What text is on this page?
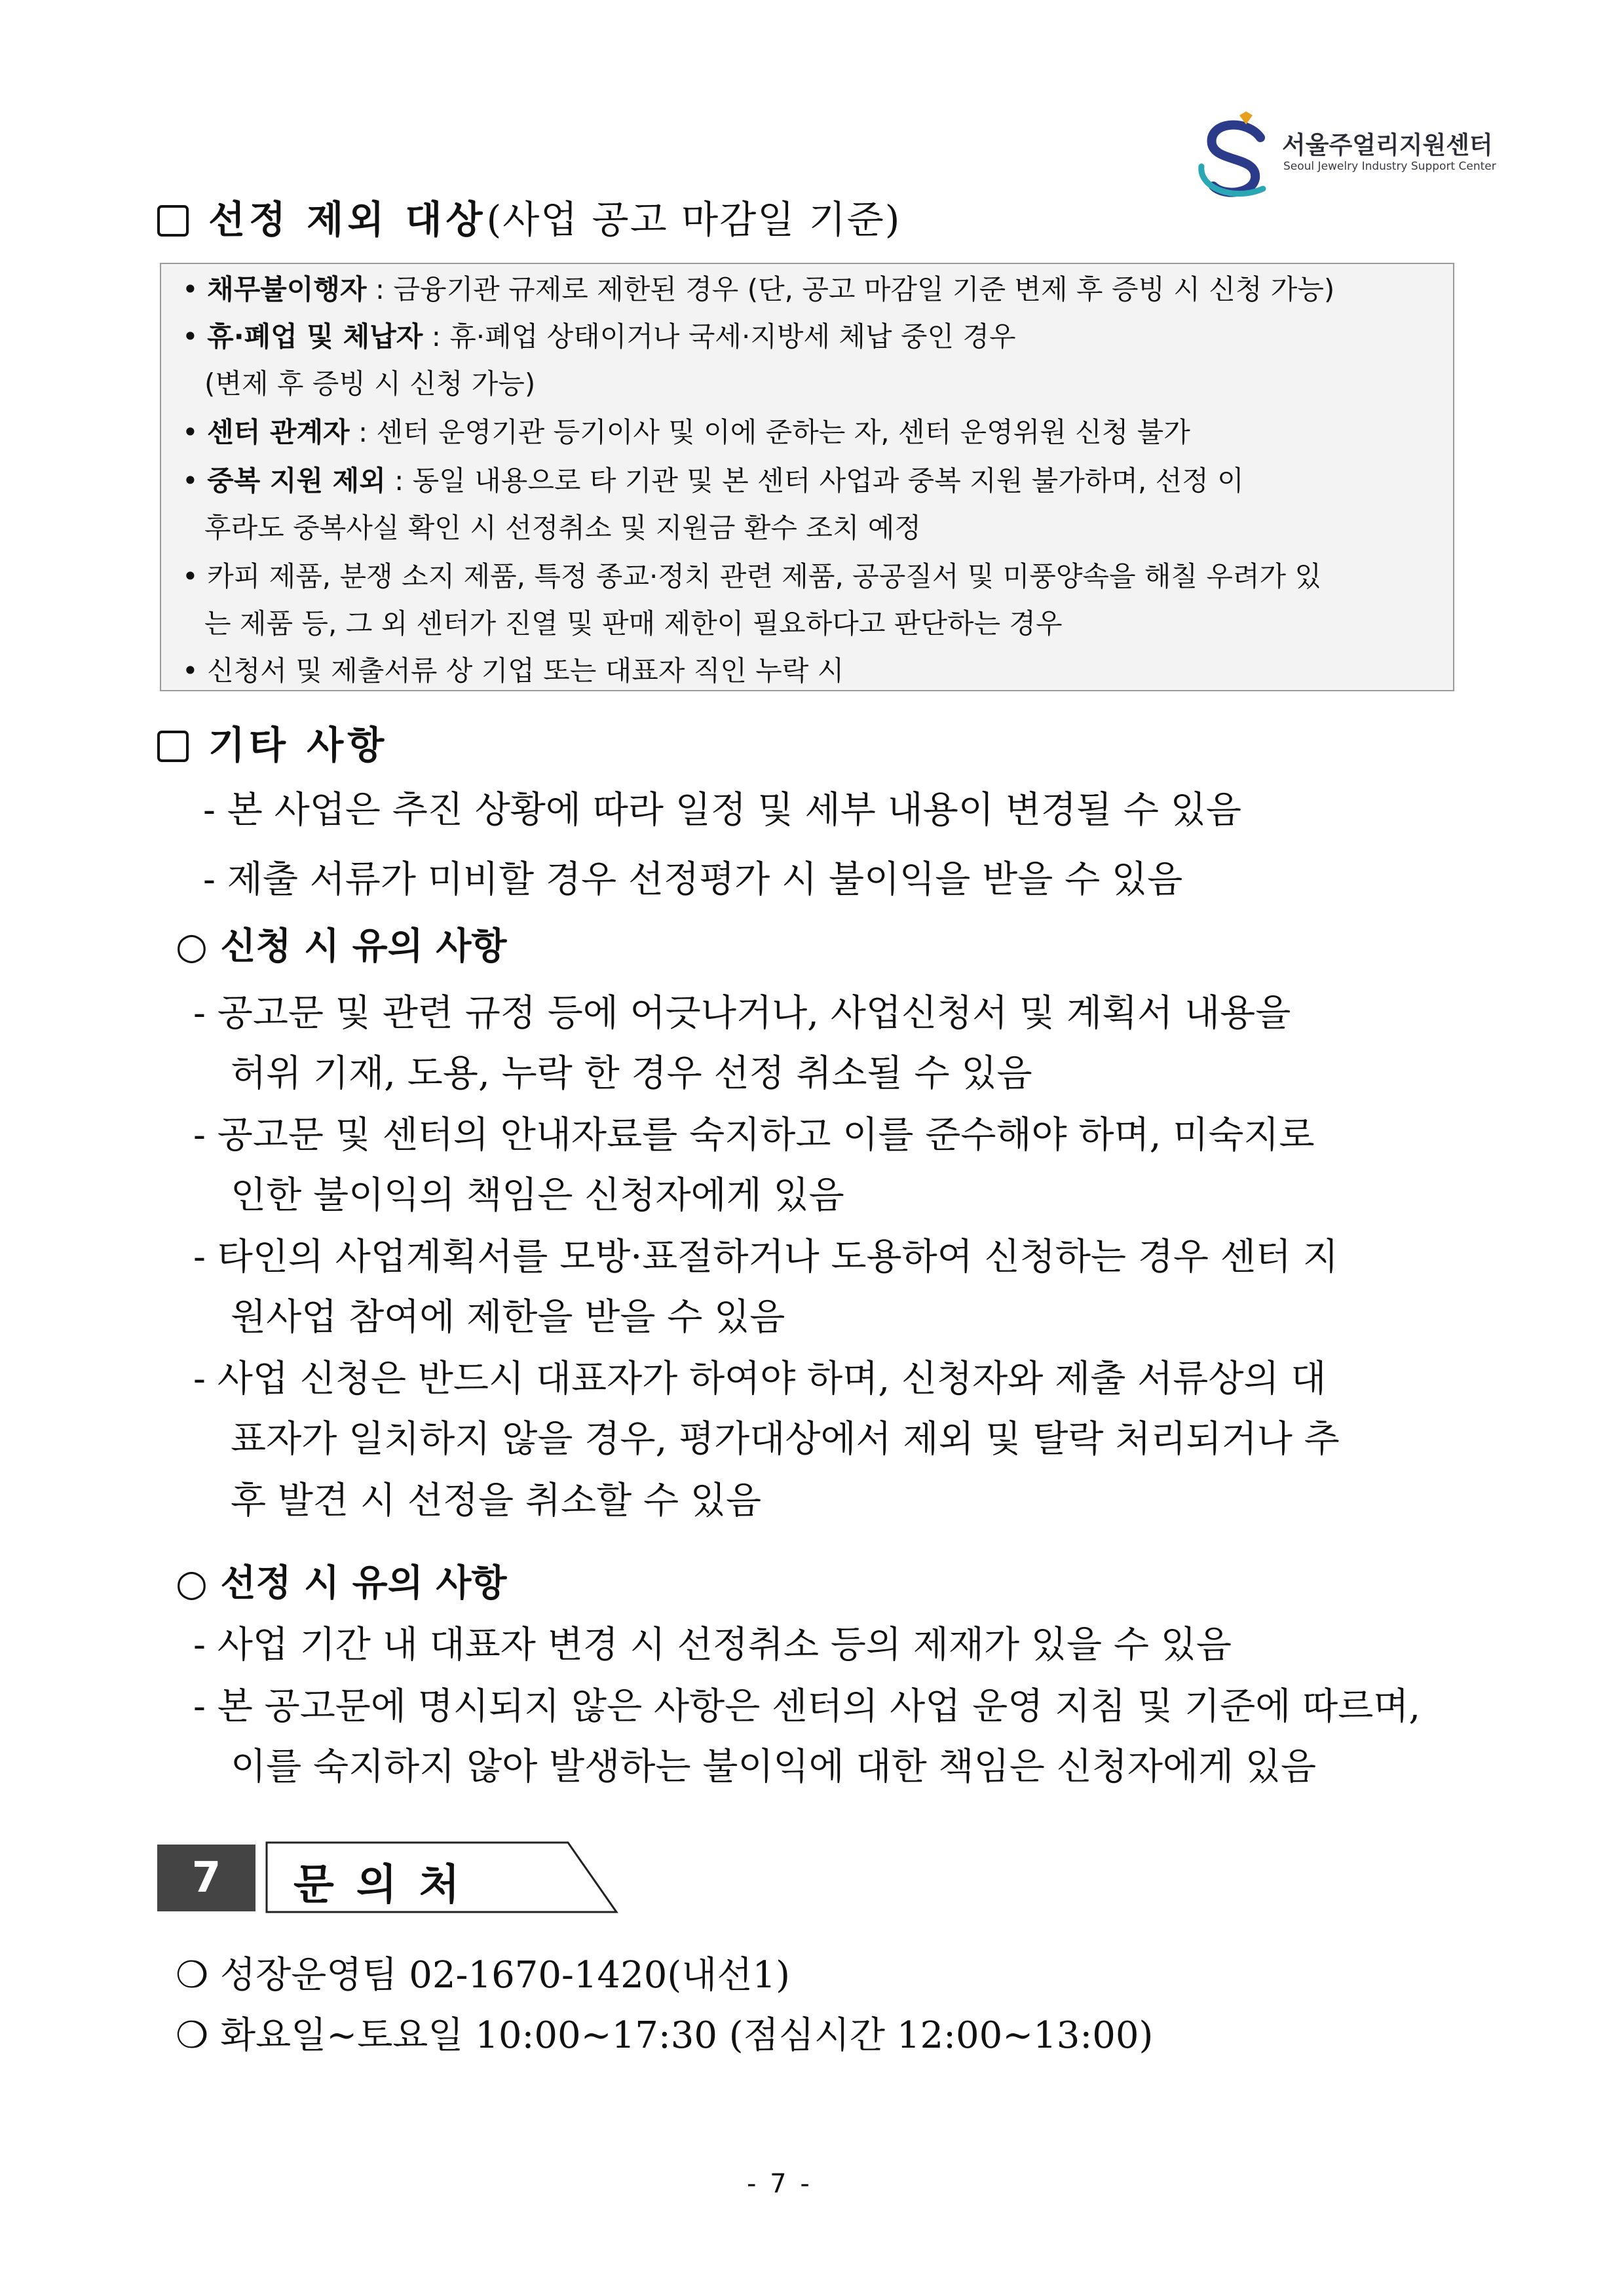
서울주얼리지원센터
Seoul Jewelry Industry Support Center
선정 제외 대상(사업 공고 마감일 기준)
• 채무불이행자 : 금융기관 규제로 제한된 경우 (단, 공고 마감일 기준 변제 후 증빙 시 신청 가능)
• 휴·폐업 및 체납자 : 휴·폐업 상태이거나 국세·지방세 체납 중인 경우
(변제 후 증빙 시 신청 가능)
• 센터 관계자 : 센터 운영기관 등기이사 및 이에 준하는 자, 센터 운영위원 신청 불가
• 중복 지원 제외 : 동일 내용으로 타 기관 및 본 센터 사업과 중복 지원 불가하며, 선정 이
후라도 중복사실 확인 시 선정취소 및 지원금 환수 조치 예정
• 카피 제품, 분쟁 소지 제품, 특정 종교·정치 관련 제품, 공공질서 및 미풍양속을 해칠 우려가 있
는 제품 등, 그 외 센터가 진열 및 판매 제한이 필요하다고 판단하는 경우
• 신청서 및 제출서류 상 기업 또는 대표자 직인 누락 시
기타 사항
- 본 사업은 추진 상황에 따라 일정 및 세부 내용이 변경될 수 있음
- 제출 서류가 미비할 경우 선정평가 시 불이익을 받을 수 있음
○ 신청 시 유의 사항
- 공고문 및 관련 규정 등에 어긋나거나, 사업신청서 및 계획서 내용을
허위 기재, 도용, 누락 한 경우 선정 취소될 수 있음
- 공고문 및 센터의 안내자료를 숙지하고 이를 준수해야 하며, 미숙지로
인한 불이익의 책임은 신청자에게 있음
- 타인의 사업계획서를 모방·표절하거나 도용하여 신청하는 경우 센터 지
원사업 참여에 제한을 받을 수 있음
- 사업 신청은 반드시 대표자가 하여야 하며, 신청자와 제출 서류상의 대
표자가 일치하지 않을 경우, 평가대상에서 제외 및 탈락 처리되거나 추
후 발견 시 선정을 취소할 수 있음
○ 선정 시 유의 사항
- 사업 기간 내 대표자 변경 시 선정취소 등의 제재가 있을 수 있음
- 본 공고문에 명시되지 않은 사항은 센터의 사업 운영 지침 및 기준에 따르며,
이를 숙지하지 않아 발생하는 불이익에 대한 책임은 신청자에게 있음
7	문의처
❍ 성장운영팀 02-1670-1420(내선1)
❍ 화요일~토요일 10:00~17:30 (점심시간 12:00~13:00)
- 7 -
